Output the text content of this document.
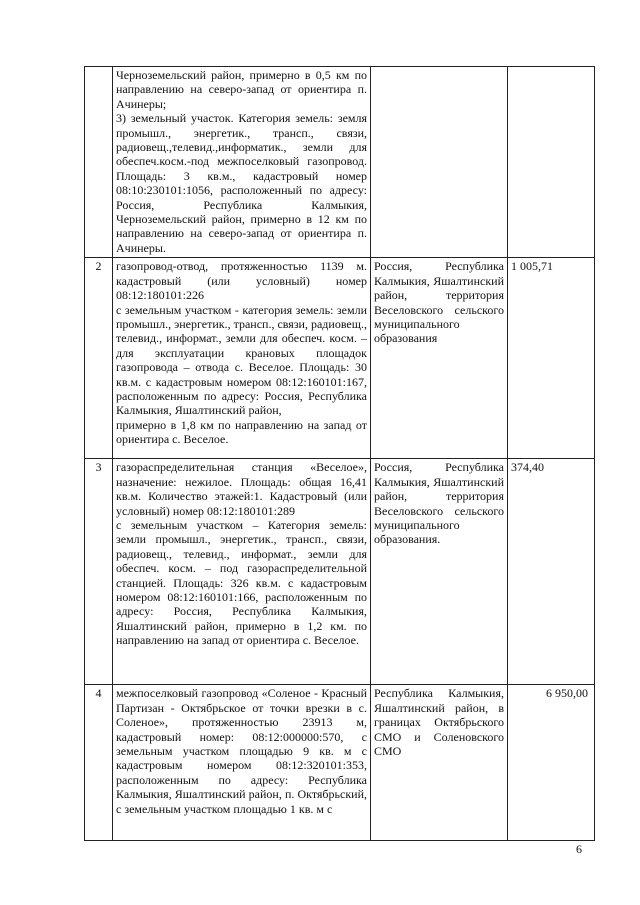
	Черноземельский район, примерно в 0,5 км по направлению на северо-запад от ориентира п. Ачинеры;
3) земельный участок. Категория земель: земля промышл., энергетик., трансп., связи, радиовещ.,телевид.,информатик., земли для обеспеч.косм.-под межпоселковый газопровод. Площадь: 3 кв.м., кадастровый номер 08:10:230101:1056, расположенный по адресу: Россия, Республика Калмыкия, Черноземельский район, примерно в 12 км по направлению на северо-запад от ориентира п. Ачинеры.		

2	газопровод-отвод, протяженностью 1139 м. кадастровый (или условный) номер 08:12:180101:226
с земельным участком - категория земель: земли промышл., энергетик., трансп., связи, радиовещ., телевид., информат., земли для обеспеч. косм. – для эксплуатации крановых площадок газопровода – отвода с. Веселое. Площадь: 30 кв.м. с кадастровым номером 08:12:160101:167, расположенным по адресу: Россия, Республика Калмыкия, Яшалтинский район,
примерно в 1,8 км по направлению на запад от ориентира с. Веселое.	Россия, Республика Калмыкия, Яшалтинский район, территория Веселовского сельского муниципального образования	1 005,71
3	газораспределительная станция «Веселое», назначение: нежилое. Площадь: общая 16,41 кв.м. Количество этажей:1. Кадастровый (или условный) номер 08:12:180101:289
с земельным участком – Категория земель: земли промышл., энергетик., трансп., связи, радиовещ., телевид., информат., земли для обеспеч. косм. – под газораспределительной станцией. Площадь: 326 кв.м. с кадастровым номером 08:12:160101:166, расположенным по адресу: Россия, Республика Калмыкия, Яшалтинский район, примерно в 1,2 км. по направлению на запад от ориентира с. Веселое.	Россия, Республика Калмыкия, Яшалтинский район, территория Веселовского сельского муниципального образования.	374,40
4	межпоселковый газопровод «Соленое - Красный Партизан - Октябрьское от точки врезки в с. Соленое», протяженностью 23913 м, кадастровый номер: 08:12:000000:570, с земельным участком площадью 9 кв. м с кадастровым номером 08:12:320101:353, расположенным по адресу: Республика Калмыкия, Яшалтинский район, п. Октябрьский, с земельным участком площадью 1 кв. м с	Республика Калмыкия, Яшалтинский район, в границах Октябрьского СМО и Соленовского СМО	6 950,00
6
